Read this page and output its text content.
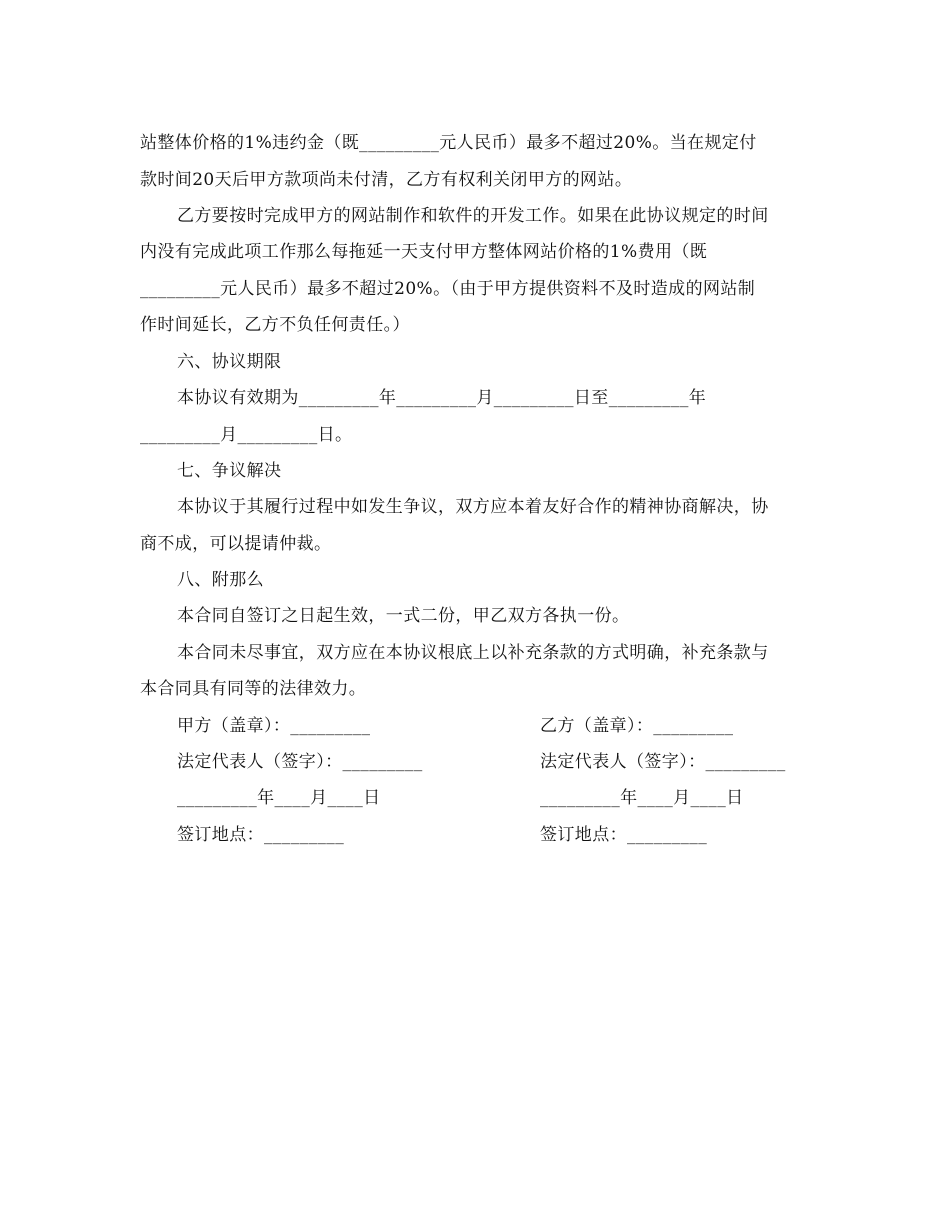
站整体价格的1%违约金（既_________元人民币）最多不超过20%。当在规定付
款时间20天后甲方款项尚未付清，乙方有权利关闭甲方的网站。
乙方要按时完成甲方的网站制作和软件的开发工作。如果在此协议规定的时间
内没有完成此项工作那么每拖延一天支付甲方整体网站价格的1%费用（既
_________元人民币）最多不超过20%。（由于甲方提供资料不及时造成的网站制
作时间延长，乙方不负任何责任。）
六、协议期限
本协议有效期为_________年_________月_________日至_________年
_________月_________日。
七、争议解决
本协议于其履行过程中如发生争议，双方应本着友好合作的精神协商解决，协
商不成，可以提请仲裁。
八、附那么
本合同自签订之日起生效，一式二份，甲乙双方各执一份。
本合同未尽事宜，双方应在本协议根底上以补充条款的方式明确，补充条款与
本合同具有同等的法律效力。
甲方（盖章）：_________
法定代表人（签字）：_________
_________年____月____日
签订地点：_________
乙方（盖章）：_________
法定代表人（签字）：_________
_________年____月____日
签订地点：_________
